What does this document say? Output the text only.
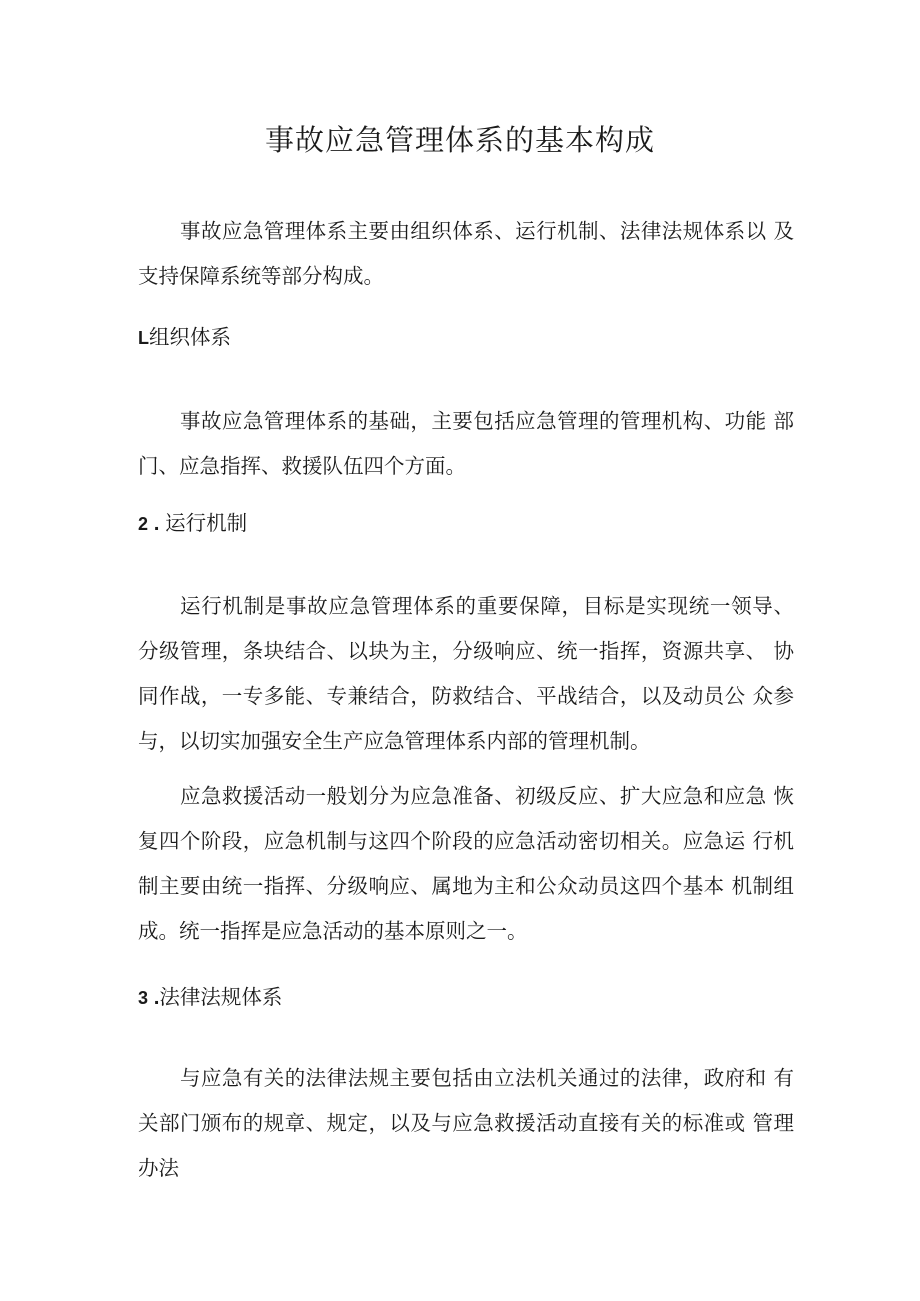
事故应急管理体系的基本构成
事故应急管理体系主要由组织体系、运行机制、法律法规体系以 及支持保障系统等部分构成。
L组织体系
事故应急管理体系的基础，主要包括应急管理的管理机构、功能 部门、应急指挥、救援队伍四个方面。
2 . 运行机制
运行机制是事故应急管理体系的重要保障，目标是实现统一领导、 分级管理，条块结合、以块为主，分级响应、统一指挥，资源共享、 协同作战，一专多能、专兼结合，防救结合、平战结合，以及动员公 众参与，以切实加强安全生产应急管理体系内部的管理机制。
应急救援活动一般划分为应急准备、初级反应、扩大应急和应急 恢复四个阶段，应急机制与这四个阶段的应急活动密切相关。应急运 行机制主要由统一指挥、分级响应、属地为主和公众动员这四个基本 机制组成。统一指挥是应急活动的基本原则之一。
3 .法律法规体系
与应急有关的法律法规主要包括由立法机关通过的法律，政府和 有关部门颁布的规章、规定，以及与应急救援活动直接有关的标准或 管理办法
